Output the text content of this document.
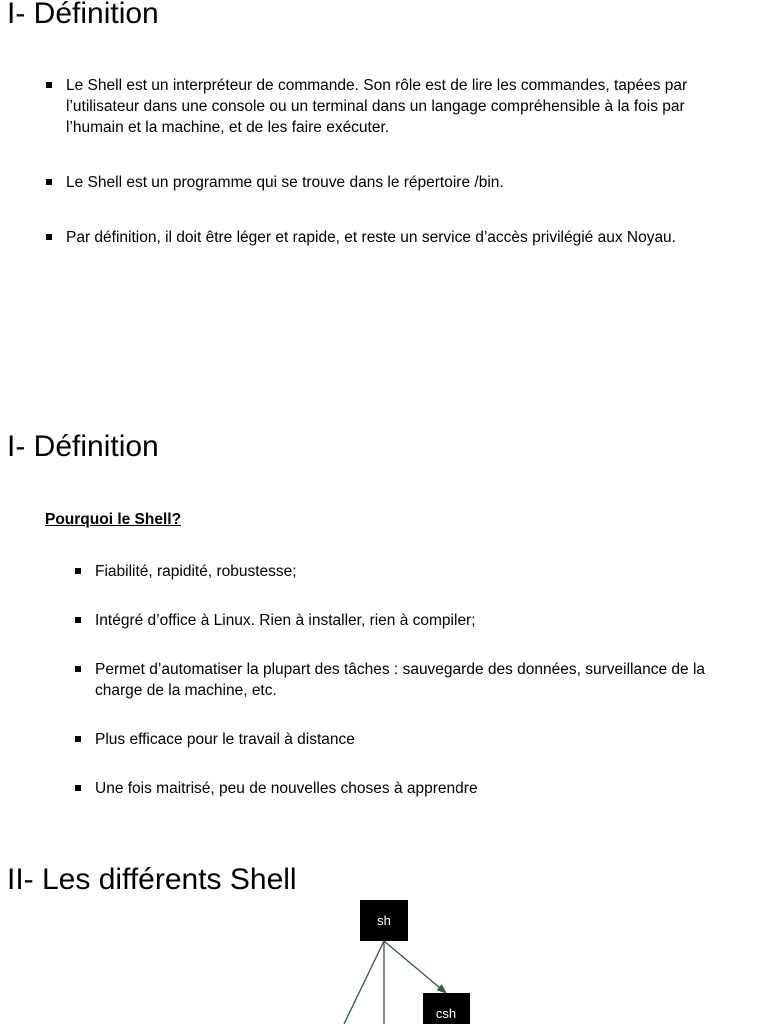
I- Définition
Le Shell est un interpréteur de commande. Son rôle est de lire les commandes, tapées par l’utilisateur dans une console ou un terminal dans un langage compréhensible à la fois par l’humain et la machine, et de les faire exécuter.
Le Shell est un programme qui se trouve dans le répertoire /bin.
Par définition, il doit être léger et rapide, et reste un service d’accès privilégié aux Noyau.
I- Définition

Pourquoi le Shell?

Fiabilité, rapidité, robustesse;
Intégré d’office à Linux. Rien à installer, rien à compiler;
Permet d’automatiser la plupart des tâches : sauvegarde des données, surveillance de la charge de la machine, etc.
Plus efficace pour le travail à distance
Une fois maitrisé, peu de nouvelles choses à apprendre
II- Les différents Shell
sh
csh
